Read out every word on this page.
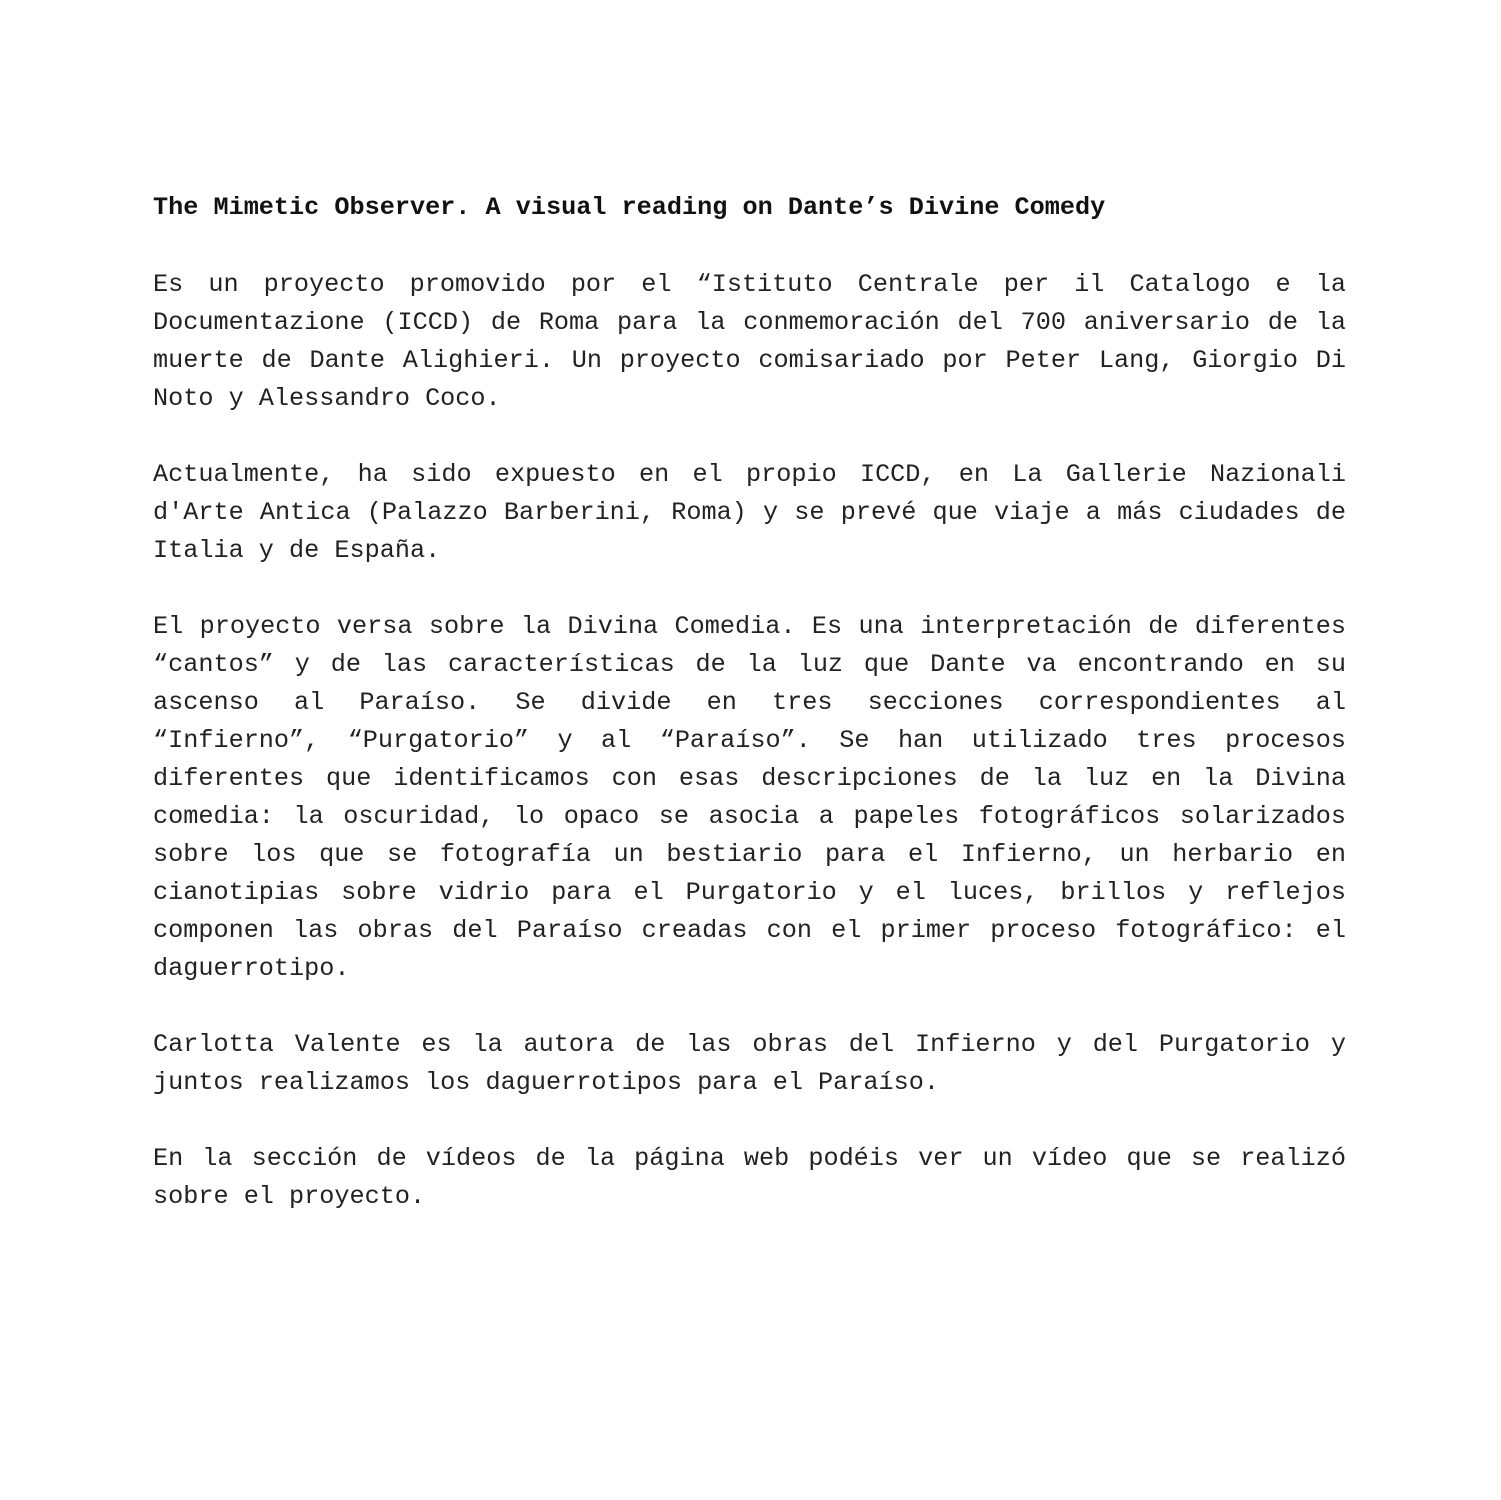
The Mimetic Observer. A visual reading on Dante’s Divine Comedy

Es un proyecto promovido por el “Istituto Centrale per il Catalogo e la Documentazione (ICCD) de Roma para la conmemoración del 700 aniversario de la muerte de Dante Alighieri. Un proyecto comisariado por Peter Lang, Giorgio Di Noto y Alessandro Coco.

Actualmente, ha sido expuesto en el propio ICCD, en La Gallerie Nazionali d'Arte Antica (Palazzo Barberini, Roma) y se prevé que viaje a más ciudades de Italia y de España.

El proyecto versa sobre la Divina Comedia. Es una interpretación de diferentes “cantos” y de las características de la luz que Dante va encontrando en su ascenso al Paraíso. Se divide en tres secciones correspondientes al “Infierno”, “Purgatorio” y al “Paraíso”. Se han utilizado tres procesos diferentes que identificamos con esas descripciones de la luz en la Divina comedia: la oscuridad, lo opaco se asocia a papeles fotográficos solarizados sobre los que se fotografía un bestiario para el Infierno, un herbario en cianotipias sobre vidrio para el Purgatorio y el luces, brillos y reflejos componen las obras del Paraíso creadas con el primer proceso fotográfico: el daguerrotipo.

Carlotta Valente es la autora de las obras del Infierno y del Purgatorio y juntos realizamos los daguerrotipos para el Paraíso.

En la sección de vídeos de la página web podéis ver un vídeo que se realizó sobre el proyecto.
